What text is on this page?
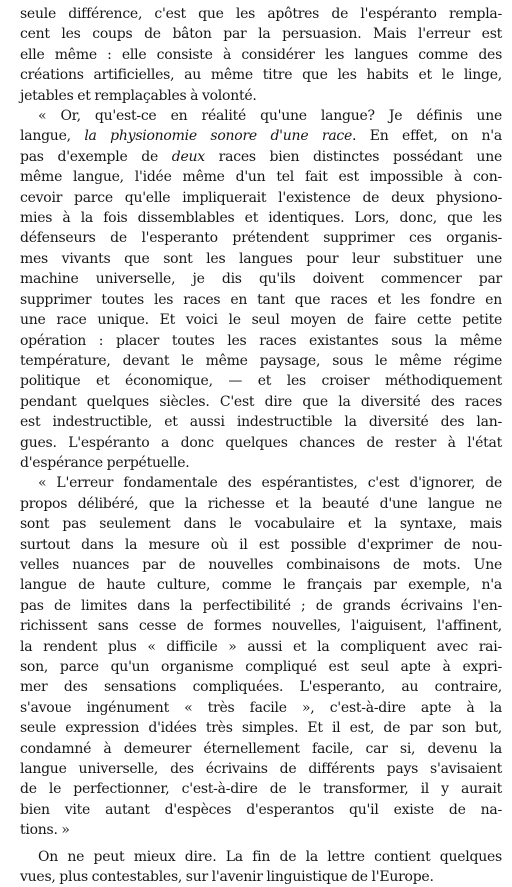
seule différence, c'est que les apôtres de l'espéranto rempla-
cent les coups de bâton par la persuasion. Mais l'erreur est
elle même : elle consiste à considérer les langues comme des
créations artificielles, au même titre que les habits et le linge,
jetables et remplaçables à volonté.
« Or, qu'est-ce en réalité qu'une langue? Je définis une
langue, la physionomie sonore d'une race. En effet, on n'a
pas d'exemple de deux races bien distinctes possédant une
même langue, l'idée même d'un tel fait est impossible à con-
cevoir parce qu'elle impliquerait l'existence de deux physiono-
mies à la fois dissemblables et identiques. Lors, donc, que les
défenseurs de l'esperanto prétendent supprimer ces organis-
mes vivants que sont les langues pour leur substituer une
machine universelle, je dis qu'ils doivent commencer par
supprimer toutes les races en tant que races et les fondre en
une race unique. Et voici le seul moyen de faire cette petite
opération : placer toutes les races existantes sous la même
température, devant le même paysage, sous le même régime
politique et économique, — et les croiser méthodiquement
pendant quelques siècles. C'est dire que la diversité des races
est indestructible, et aussi indestructible la diversité des lan-
gues. L'espéranto a donc quelques chances de rester à l'état
d'espérance perpétuelle.
« L'erreur fondamentale des espérantistes, c'est d'ignorer, de
propos délibéré, que la richesse et la beauté d'une langue ne
sont pas seulement dans le vocabulaire et la syntaxe, mais
surtout dans la mesure où il est possible d'exprimer de nou-
velles nuances par de nouvelles combinaisons de mots. Une
langue de haute culture, comme le français par exemple, n'a
pas de limites dans la perfectibilité ; de grands écrivains l'en-
richissent sans cesse de formes nouvelles, l'aiguisent, l'affinent,
la rendent plus « difficile » aussi et la compliquent avec rai-
son, parce qu'un organisme compliqué est seul apte à expri-
mer des sensations compliquées. L'esperanto, au contraire,
s'avoue ingénument « très facile », c'est-à-dire apte à la
seule expression d'idées très simples. Et il est, de par son but,
condamné à demeurer éternellement facile, car si, devenu la
langue universelle, des écrivains de différents pays s'avisaient
de le perfectionner, c'est-à-dire de le transformer, il y aurait
bien vite autant d'espèces d'esperantos qu'il existe de na-
tions. »
On ne peut mieux dire. La fin de la lettre contient quelques
vues, plus contestables, sur l'avenir linguistique de l'Europe.
